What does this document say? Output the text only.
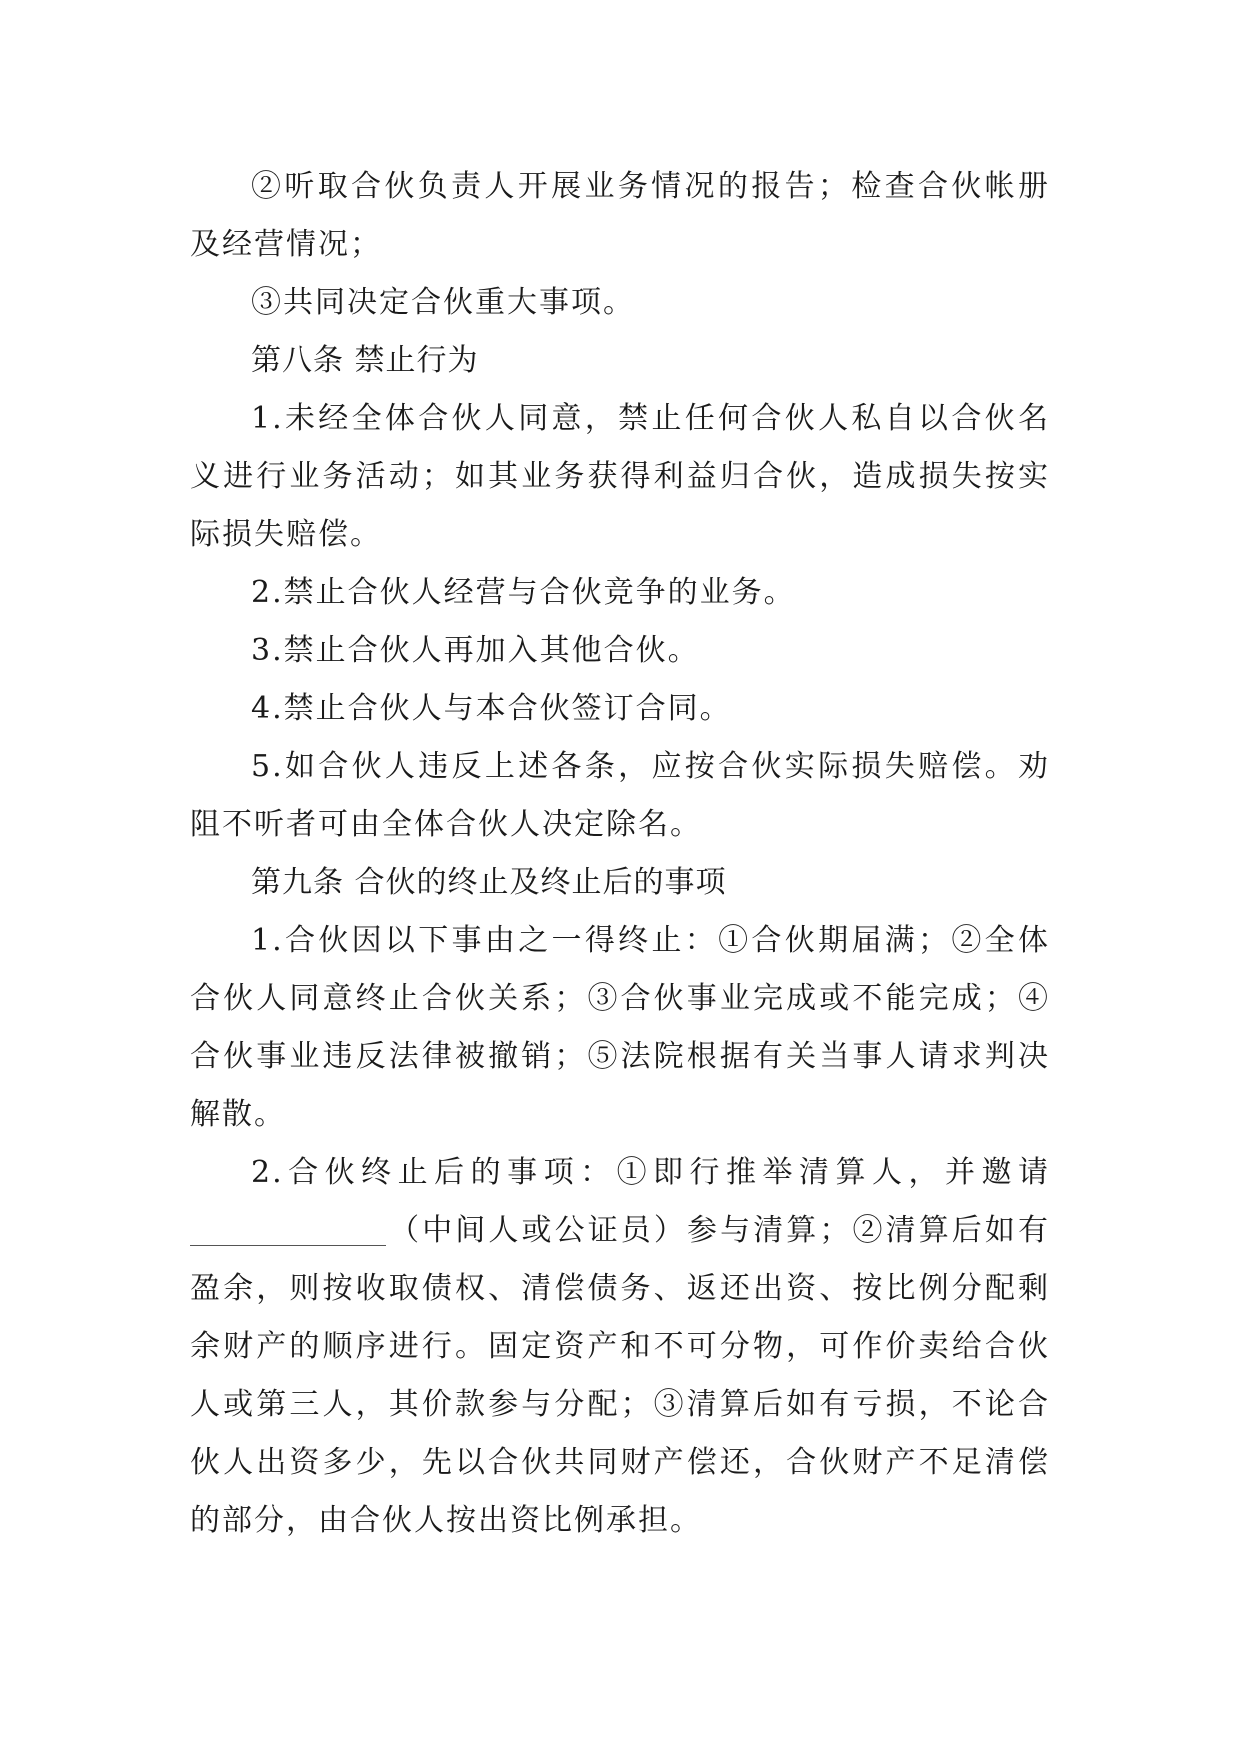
②听取合伙负责人开展业务情况的报告；检查合伙帐册及经营情况；

③共同决定合伙重大事项。

第八条 禁止行为

1.未经全体合伙人同意，禁止任何合伙人私自以合伙名义进行业务活动；如其业务获得利益归合伙，造成损失按实际损失赔偿。

2.禁止合伙人经营与合伙竞争的业务。

3.禁止合伙人再加入其他合伙。

4.禁止合伙人与本合伙签订合同。

5.如合伙人违反上述各条，应按合伙实际损失赔偿。劝阻不听者可由全体合伙人决定除名。

第九条 合伙的终止及终止后的事项

1.合伙因以下事由之一得终止：①合伙期届满；②全体合伙人同意终止合伙关系；③合伙事业完成或不能完成；④合伙事业违反法律被撤销；⑤法院根据有关当事人请求判决解散。

2.合伙终止后的事项：①即行推举清算人，并邀请（中间人或公证员）参与清算；②清算后如有盈余，则按收取债权、清偿债务、返还出资、按比例分配剩余财产的顺序进行。固定资产和不可分物，可作价卖给合伙人或第三人，其价款参与分配；③清算后如有亏损，不论合伙人出资多少，先以合伙共同财产偿还，合伙财产不足清偿的部分，由合伙人按出资比例承担。
